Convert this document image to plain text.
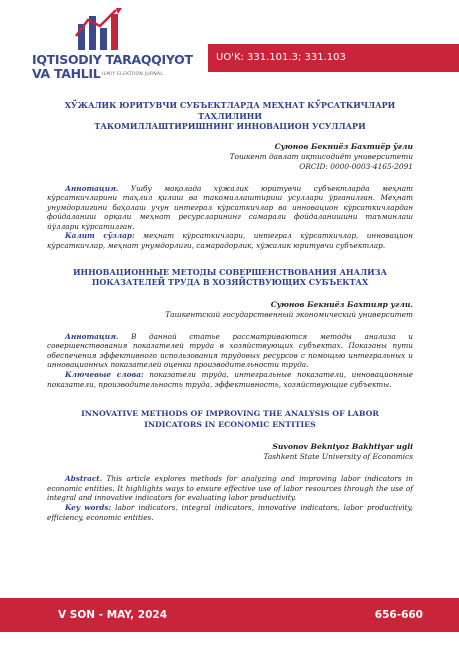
IQTISODIY TARAQQIYOT
VA TAHLIL ILMIY ELEKTRON JURNAL
UO'K: 331.101.3; 331.103

ХЎЖАЛИК ЮРИТУВЧИ СУБЪЕКТЛАРДА МЕҲНАТ КЎРСАТКИЧЛАРИ ТАҲЛИЛИНИ
ТАКОМИЛЛАШТИРИШНИНГ ИННОВАЦИОН УСУЛЛАРИ

Суюнов Бекниёз Бахтиёр ўғли
Тошкент давлат иқтисодиёт университети
ORCID: 0000-0003-4165-2091
Аннотация. Ушбу мақолада хўжалик юритувчи субъектларда меҳнат кўрсаткичларини таҳлил қилиш ва такомиллаштириш усуллари ўрганилган. Меҳнат унумдорлигини баҳолаш учун интеграл кўрсаткичлар ва инновацион кўрсаткичлардан фойдаланиш орқали меҳнат ресурсларининг самарали фойдаланишини таъминлаш йўллари кўрсатилган.
Калит сўзлар: меҳнат кўрсаткичлари, интеграл кўрсаткичлар, инновацион кўрсаткичлар, меҳнат унумдорлиги, самарадорлик, хўжалик юритувчи субъектлар.

ИННОВАЦИОННЫЕ МЕТОДЫ СОВЕРШЕНСТВОВАНИЯ АНАЛИЗА
ПОКАЗАТЕЛЕЙ ТРУДА В ХОЗЯЙСТВУЮЩИХ СУБЪЕКТАХ

Суюнов Бекниёз Бахтияр угли.
Ташкентский государственный экономический университет
Аннотация. В данной статье рассматриваются методы анализа и совершенствования показателей труда в хозяйствующих субъектах. Показаны пути обеспечения эффективного использования трудовых ресурсов с помощью интегральных и инновационных показателей оценки производительности труда.
Ключевые слова: показатели труда, интегральные показатели, инновационные показатели, производительность труда, эффективность, хозяйствующие субъекты.

INNOVATIVE METHODS OF IMPROVING THE ANALYSIS OF LABOR
INDICATORS IN ECONOMIC ENTITIES

Suvonov Bekniyoz Bakhtiyar ugli
Tashkent State University of Economics
Abstract. This article explores methods for analyzing and improving labor indicators in economic entities. It highlights ways to ensure effective use of labor resources through the use of integral and innovative indicators for evaluating labor productivity.
Key words: labor indicators, integral indicators, innovative indicators, labor productivity, efficiency, economic entities.
V SON - MAY, 2024	656-660
